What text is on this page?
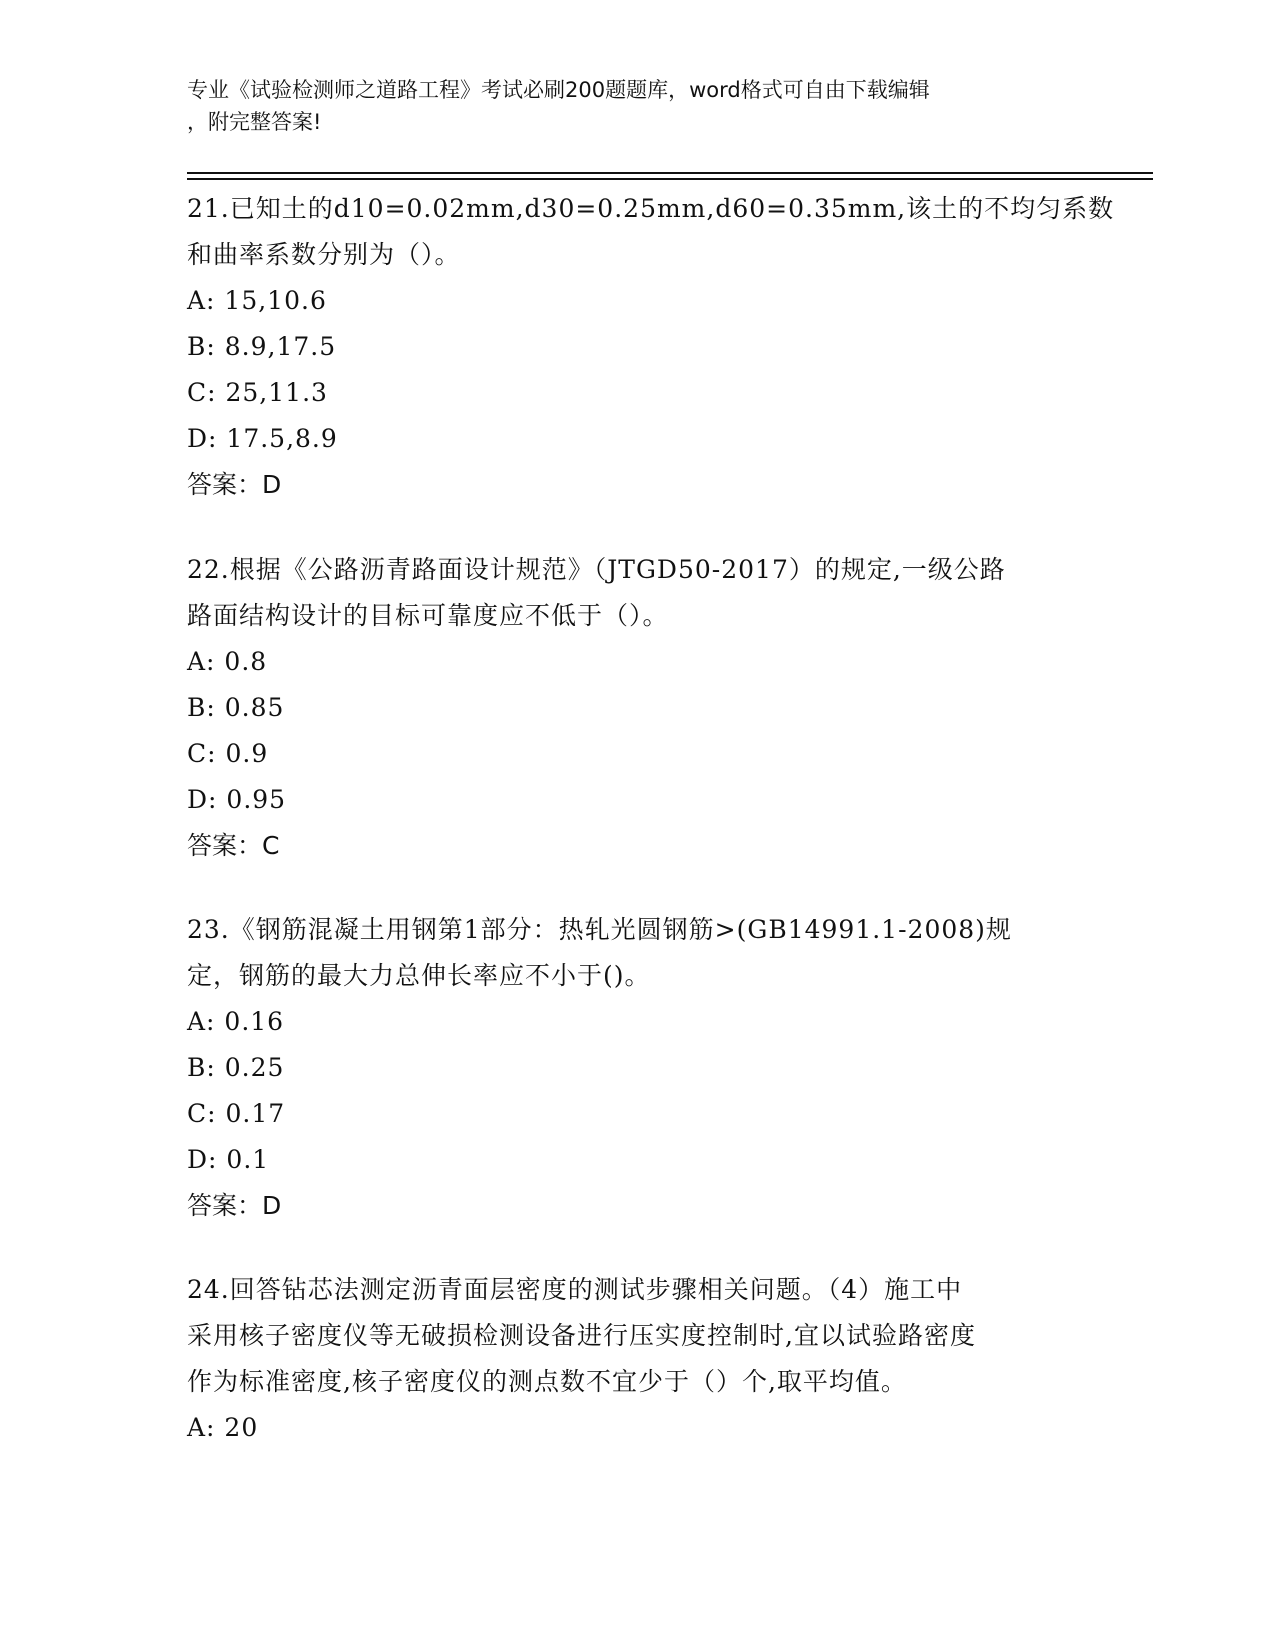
专业《试验检测师之道路工程》考试必刷200题题库，word格式可自由下载编辑
，附完整答案!
21.已知土的d10=0.02mm,d30=0.25mm,d60=0.35mm,该土的不均匀系数
和曲率系数分别为（）。
A: 15,10.6
B: 8.9,17.5
C: 25,11.3
D: 17.5,8.9
答案：D
22.根据《公路沥青路面设计规范》（JTGD50-2017）的规定,一级公路
路面结构设计的目标可靠度应不低于（）。
A: 0.8
B: 0.85
C: 0.9
D: 0.95
答案：C
23.《钢筋混凝土用钢第1部分：热轧光圆钢筋>(GB14991.1-2008)规
定，钢筋的最大力总伸长率应不小于()。
A: 0.16
B: 0.25
C: 0.17
D: 0.1
答案：D
24.回答钻芯法测定沥青面层密度的测试步骤相关问题。（4）施工中
采用核子密度仪等无破损检测设备进行压实度控制时,宜以试验路密度
作为标准密度,核子密度仪的测点数不宜少于（）个,取平均值。
A: 20
